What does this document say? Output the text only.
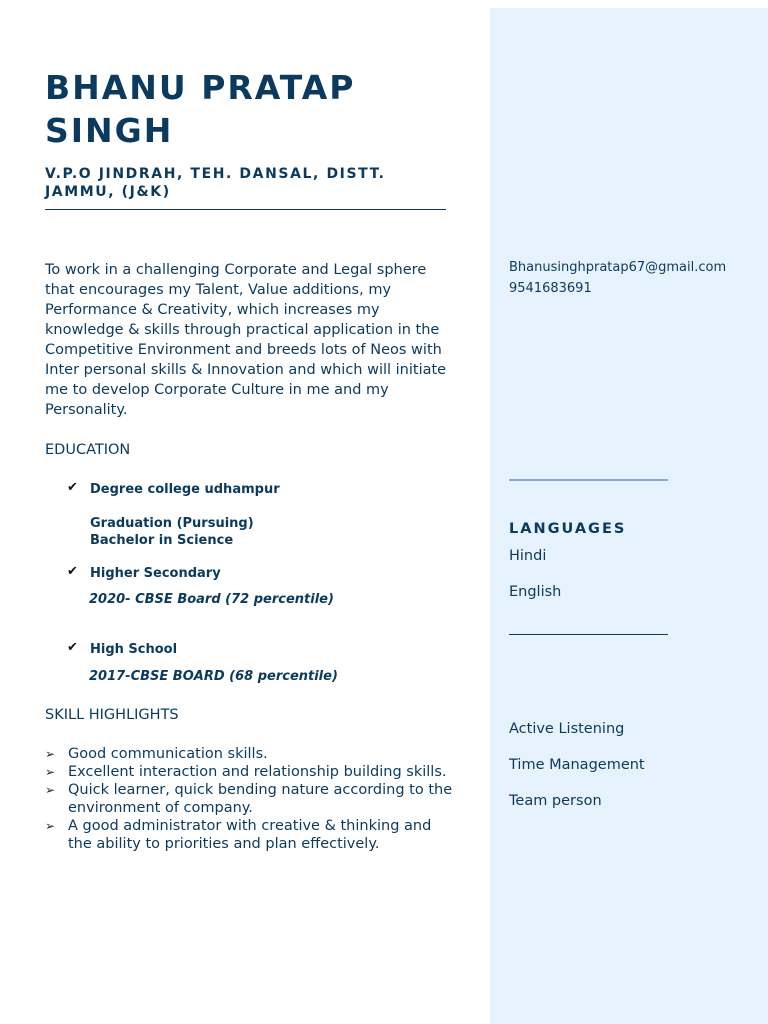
BHANU PRATAP SINGH
V.P.O JINDRAH, TEH. DANSAL, DISTT.
JAMMU, (J&K)
To work in a challenging Corporate and Legal sphere that encourages my Talent, Value additions, my Performance & Creativity, which increases my knowledge & skills through practical application in the Competitive Environment and breeds lots of Neos with Inter personal skills & Innovation and which will initiate me to develop Corporate Culture in me and my Personality.
EDUCATION
✔ Degree college udhampur
Graduation (Pursuing)
Bachelor in Science
✔ Higher Secondary
2020- CBSE Board (72 percentile)
✔ High School
2017-CBSE BOARD (68 percentile)
SKILL HIGHLIGHTS
➢ Good communication skills.
➢ Excellent interaction and relationship building skills.
➢ Quick learner, quick bending nature according to the environment of company.
➢ A good administrator with creative & thinking and the ability to priorities and plan effectively.
Bhanusinghpratap67@gmail.com
9541683691
LANGUAGES
Hindi
English
Active Listening
Time Management
Team person
